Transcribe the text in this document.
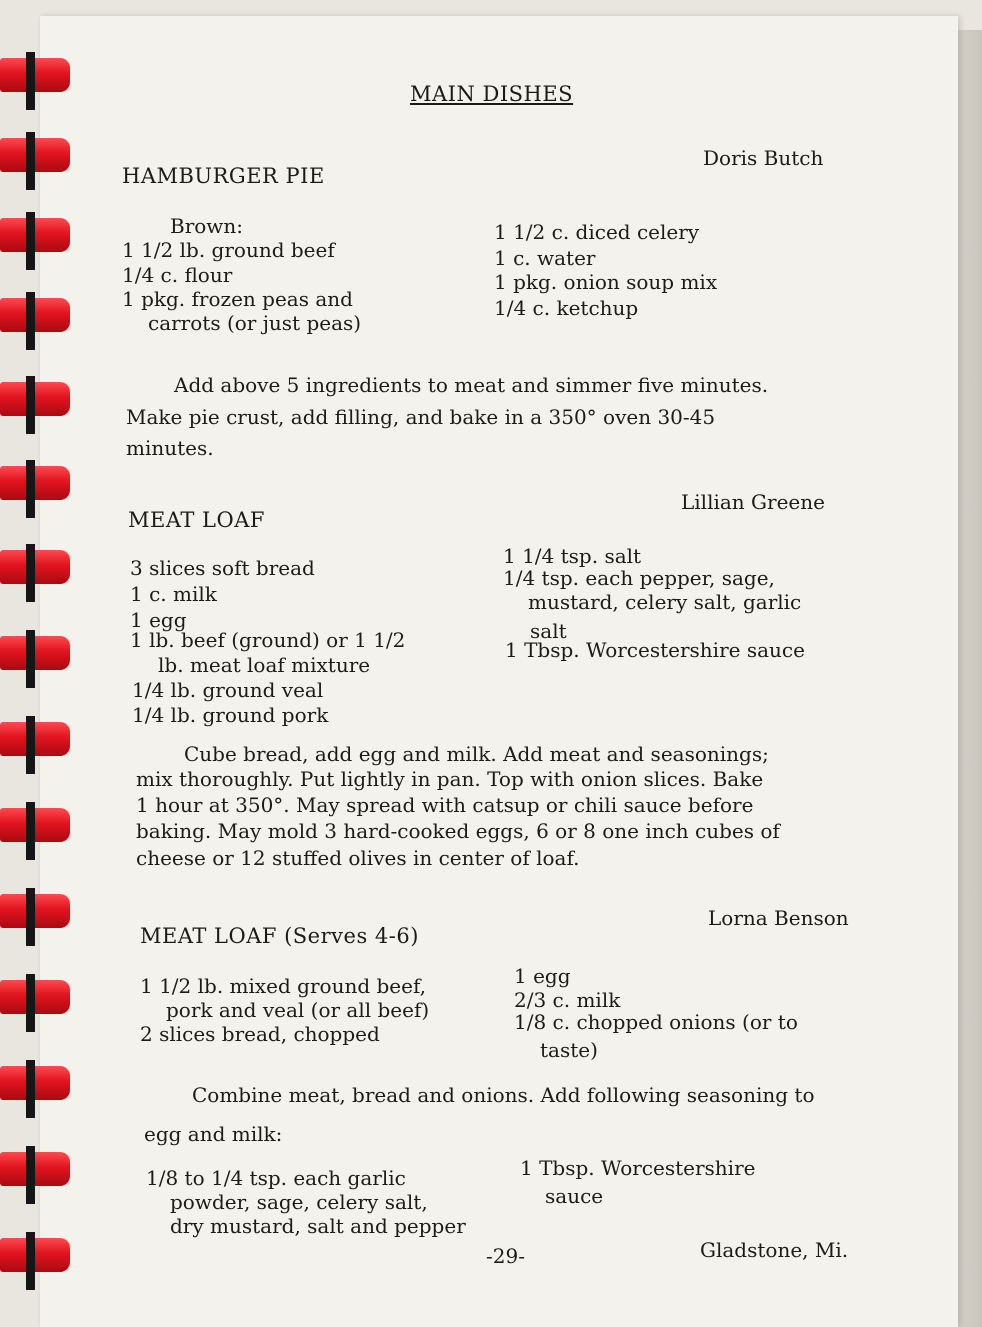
MAIN DISHES
HAMBURGER PIE
Doris Butch
Brown:
1 1/2 lb. ground beef
1/4 c. flour
1 pkg. frozen peas and
carrots (or just peas)
1 1/2 c. diced celery
1 c. water
1 pkg. onion soup mix
1/4 c. ketchup
Add above 5 ingredients to meat and simmer five minutes.
Make pie crust, add filling, and bake in a 350° oven 30-45
minutes.
MEAT LOAF
Lillian Greene
3 slices soft bread
1 c. milk
1 egg
1 lb. beef (ground) or 1 1/2
lb. meat loaf mixture
1/4 lb. ground veal
1/4 lb. ground pork
1 1/4 tsp. salt
1/4 tsp. each pepper, sage,
mustard, celery salt, garlic
salt
1 Tbsp. Worcestershire sauce
Cube bread, add egg and milk. Add meat and seasonings;
mix thoroughly. Put lightly in pan. Top with onion slices. Bake
1 hour at 350°. May spread with catsup or chili sauce before
baking. May mold 3 hard-cooked eggs, 6 or 8 one inch cubes of
cheese or 12 stuffed olives in center of loaf.
MEAT LOAF (Serves 4-6)
Lorna Benson
1 1/2 lb. mixed ground beef,
pork and veal (or all beef)
2 slices bread, chopped
1 egg
2/3 c. milk
1/8 c. chopped onions (or to
taste)
Combine meat, bread and onions. Add following seasoning to
egg and milk:
1/8 to 1/4 tsp. each garlic
powder, sage, celery salt,
dry mustard, salt and pepper
1 Tbsp. Worcestershire
sauce
-29-	Gladstone, Mi.
